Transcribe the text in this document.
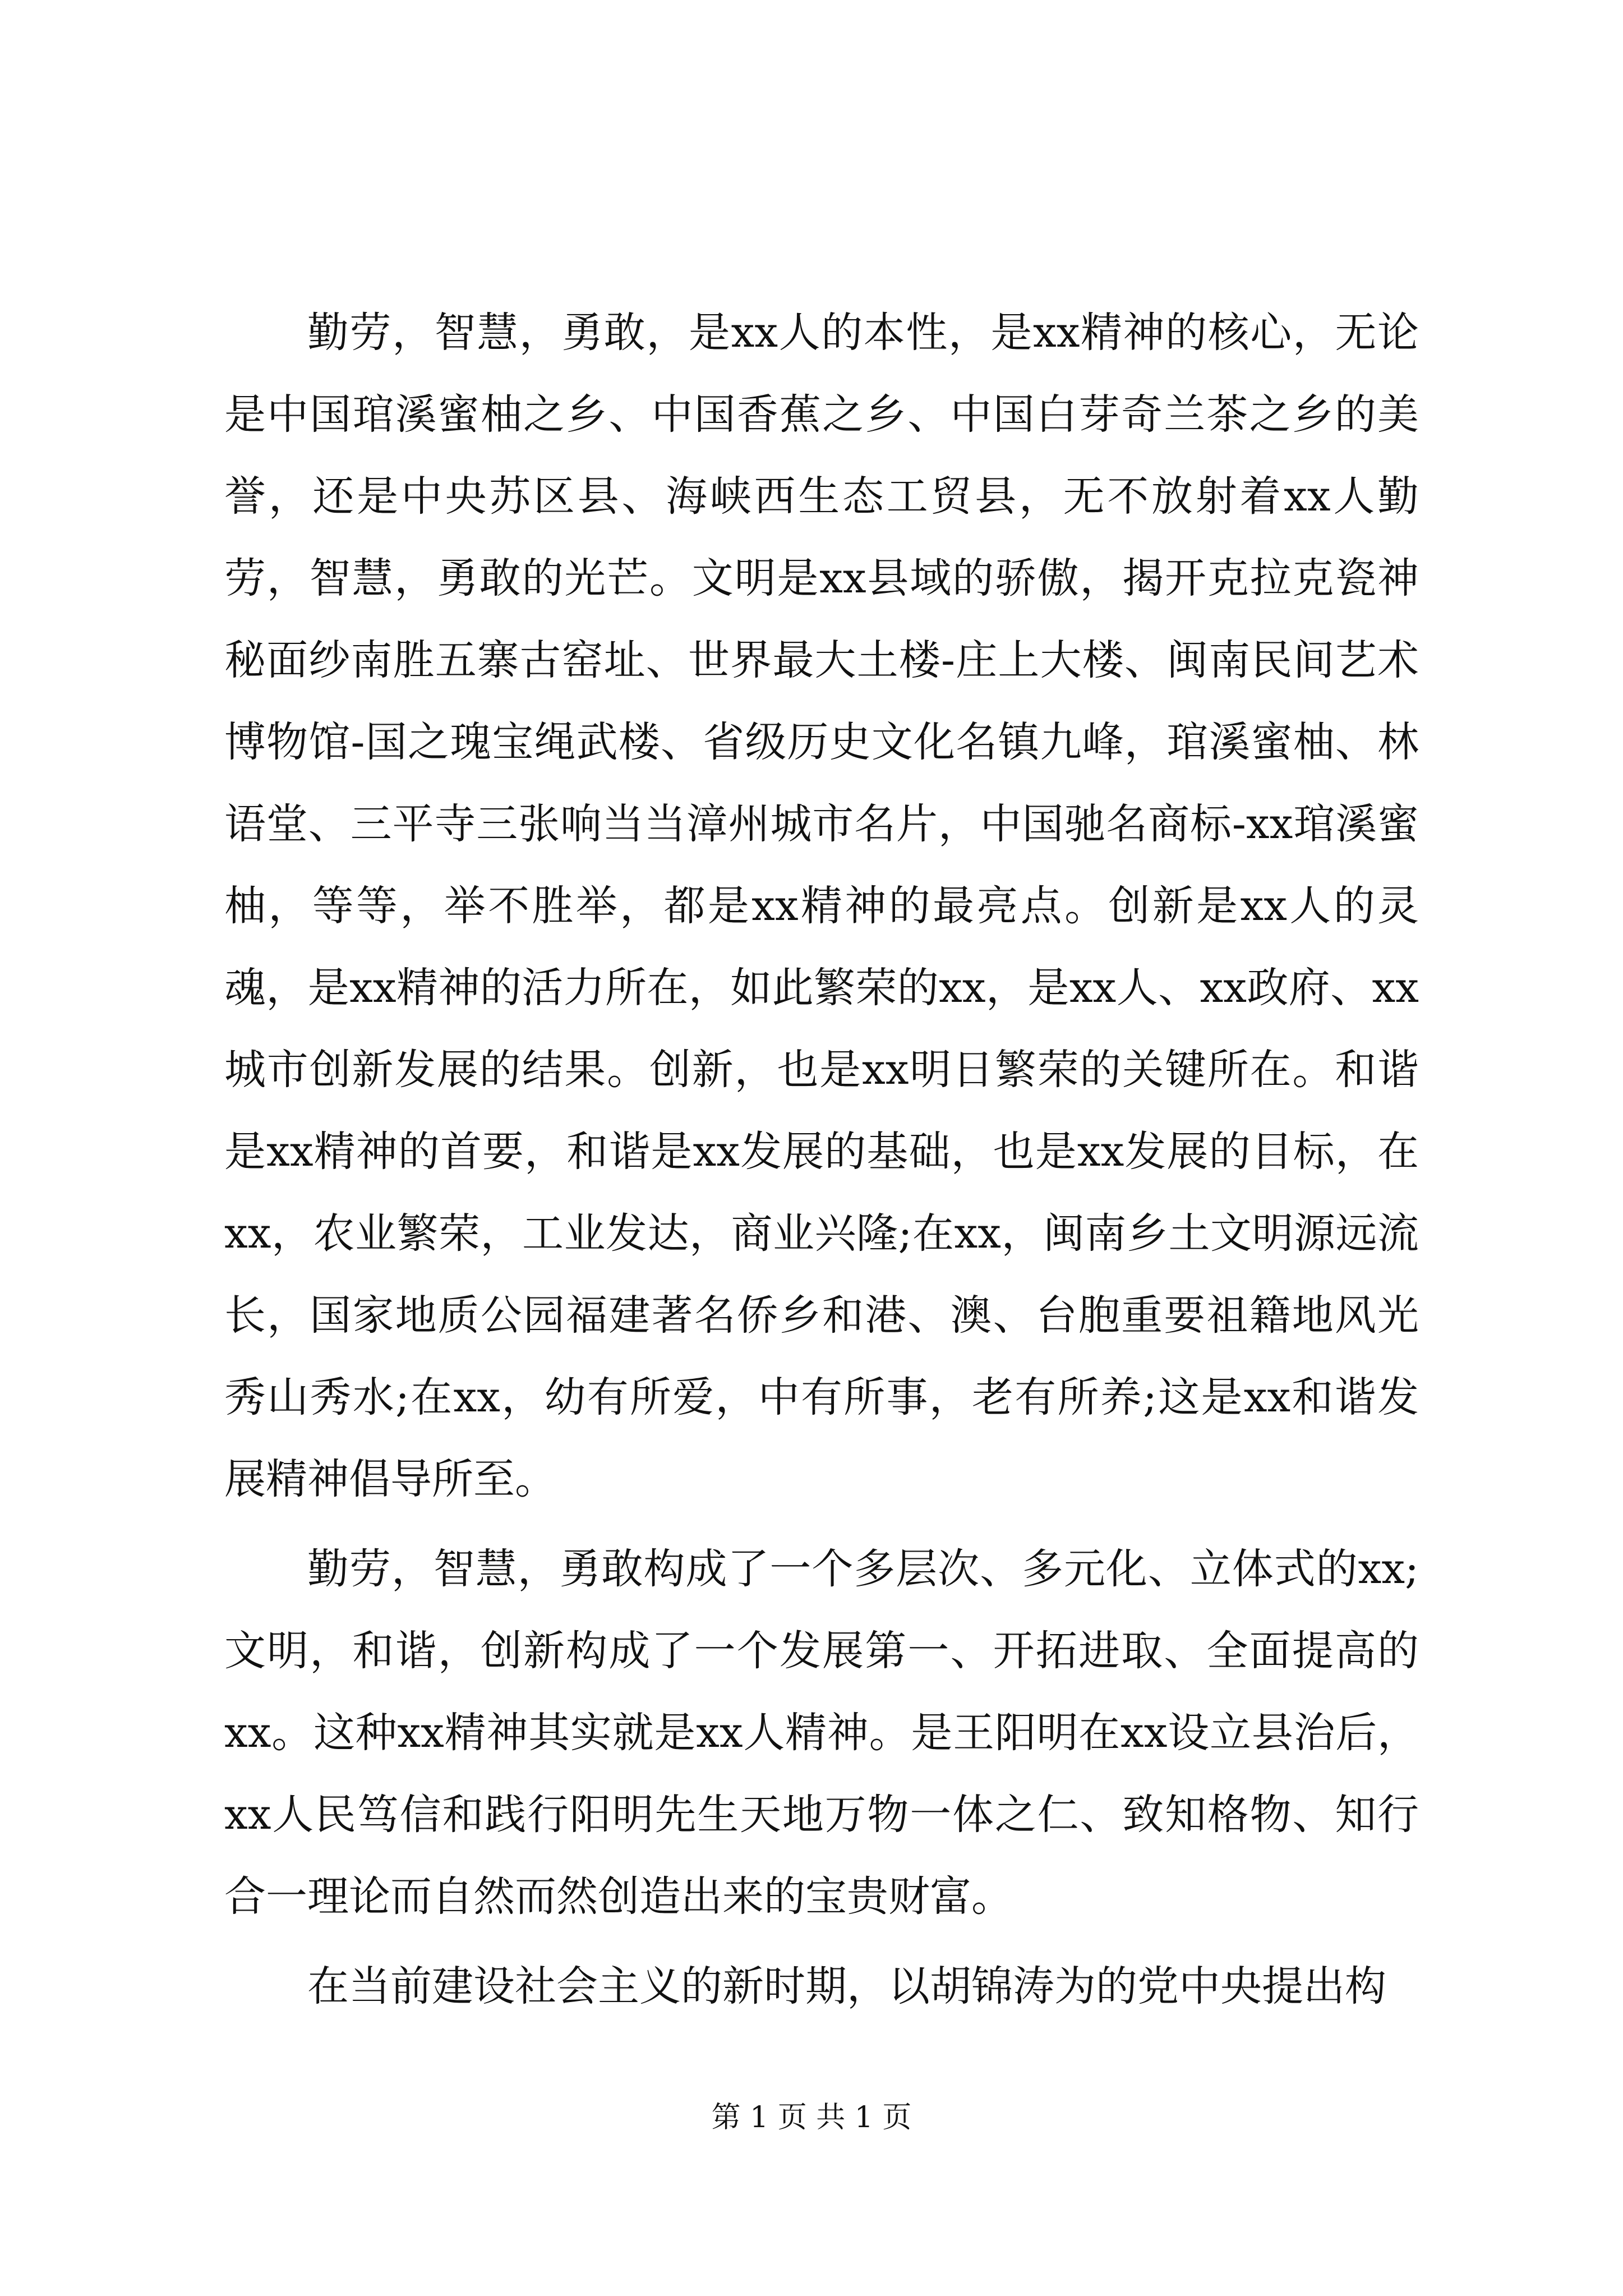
勤劳，智慧，勇敢，是xx人的本性，是xx精神的核心，无论是中国琯溪蜜柚之乡、中国香蕉之乡、中国白芽奇兰茶之乡的美誉，还是中央苏区县、海峡西生态工贸县，无不放射着xx人勤劳，智慧，勇敢的光芒。文明是xx县域的骄傲，揭开克拉克瓷神秘面纱南胜五寨古窑址、世界最大土楼-庄上大楼、闽南民间艺术博物馆-国之瑰宝绳武楼、省级历史文化名镇九峰，琯溪蜜柚、林语堂、三平寺三张响当当漳州城市名片，中国驰名商标-xx琯溪蜜柚，等等，举不胜举，都是xx精神的最亮点。创新是xx人的灵魂，是xx精神的活力所在，如此繁荣的xx，是xx人、xx政府、xx城市创新发展的结果。创新，也是xx明日繁荣的关键所在。和谐是xx精神的首要，和谐是xx发展的基础，也是xx发展的目标，在xx，农业繁荣，工业发达，商业兴隆;在xx，闽南乡土文明源远流长，国家地质公园福建著名侨乡和港、澳、台胞重要祖籍地风光秀山秀水;在xx，幼有所爱，中有所事，老有所养;这是xx和谐发展精神倡导所至。

勤劳，智慧，勇敢构成了一个多层次、多元化、立体式的xx;文明，和谐，创新构成了一个发展第一、开拓进取、全面提高的xx。这种xx精神其实就是xx人精神。是王阳明在xx设立县治后，xx人民笃信和践行阳明先生天地万物一体之仁、致知格物、知行合一理论而自然而然创造出来的宝贵财富。

在当前建设社会主义的新时期，以胡锦涛为的党中央提出构

第 1 页 共 1 页
